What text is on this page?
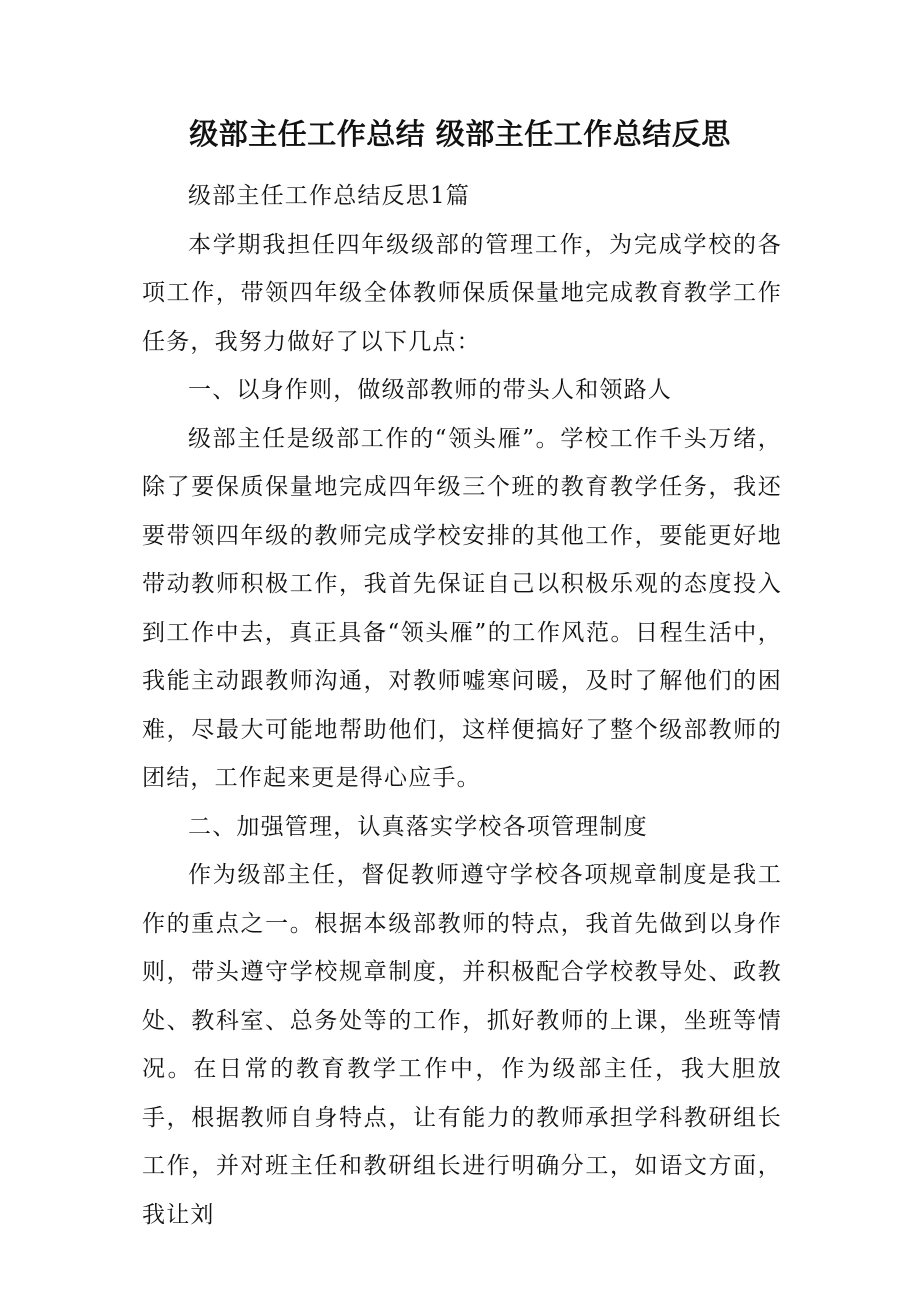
级部主任工作总结 级部主任工作总结反思

级部主任工作总结反思1篇

本学期我担任四年级级部的管理工作，为完成学校的各项工作，带领四年级全体教师保质保量地完成教育教学工作任务，我努力做好了以下几点：

一、以身作则，做级部教师的带头人和领路人

级部主任是级部工作的“领头雁”。学校工作千头万绪，除了要保质保量地完成四年级三个班的教育教学任务，我还要带领四年级的教师完成学校安排的其他工作，要能更好地带动教师积极工作，我首先保证自己以积极乐观的态度投入到工作中去，真正具备“领头雁”的工作风范。日程生活中，我能主动跟教师沟通，对教师嘘寒问暖，及时了解他们的困难，尽最大可能地帮助他们，这样便搞好了整个级部教师的团结，工作起来更是得心应手。

二、加强管理，认真落实学校各项管理制度

作为级部主任，督促教师遵守学校各项规章制度是我工作的重点之一。根据本级部教师的特点，我首先做到以身作则，带头遵守学校规章制度，并积极配合学校教导处、政教处、教科室、总务处等的工作，抓好教师的上课，坐班等情况。在日常的教育教学工作中，作为级部主任，我大胆放手，根据教师自身特点，让有能力的教师承担学科教研组长工作，并对班主任和教研组长进行明确分工，如语文方面，我让刘
